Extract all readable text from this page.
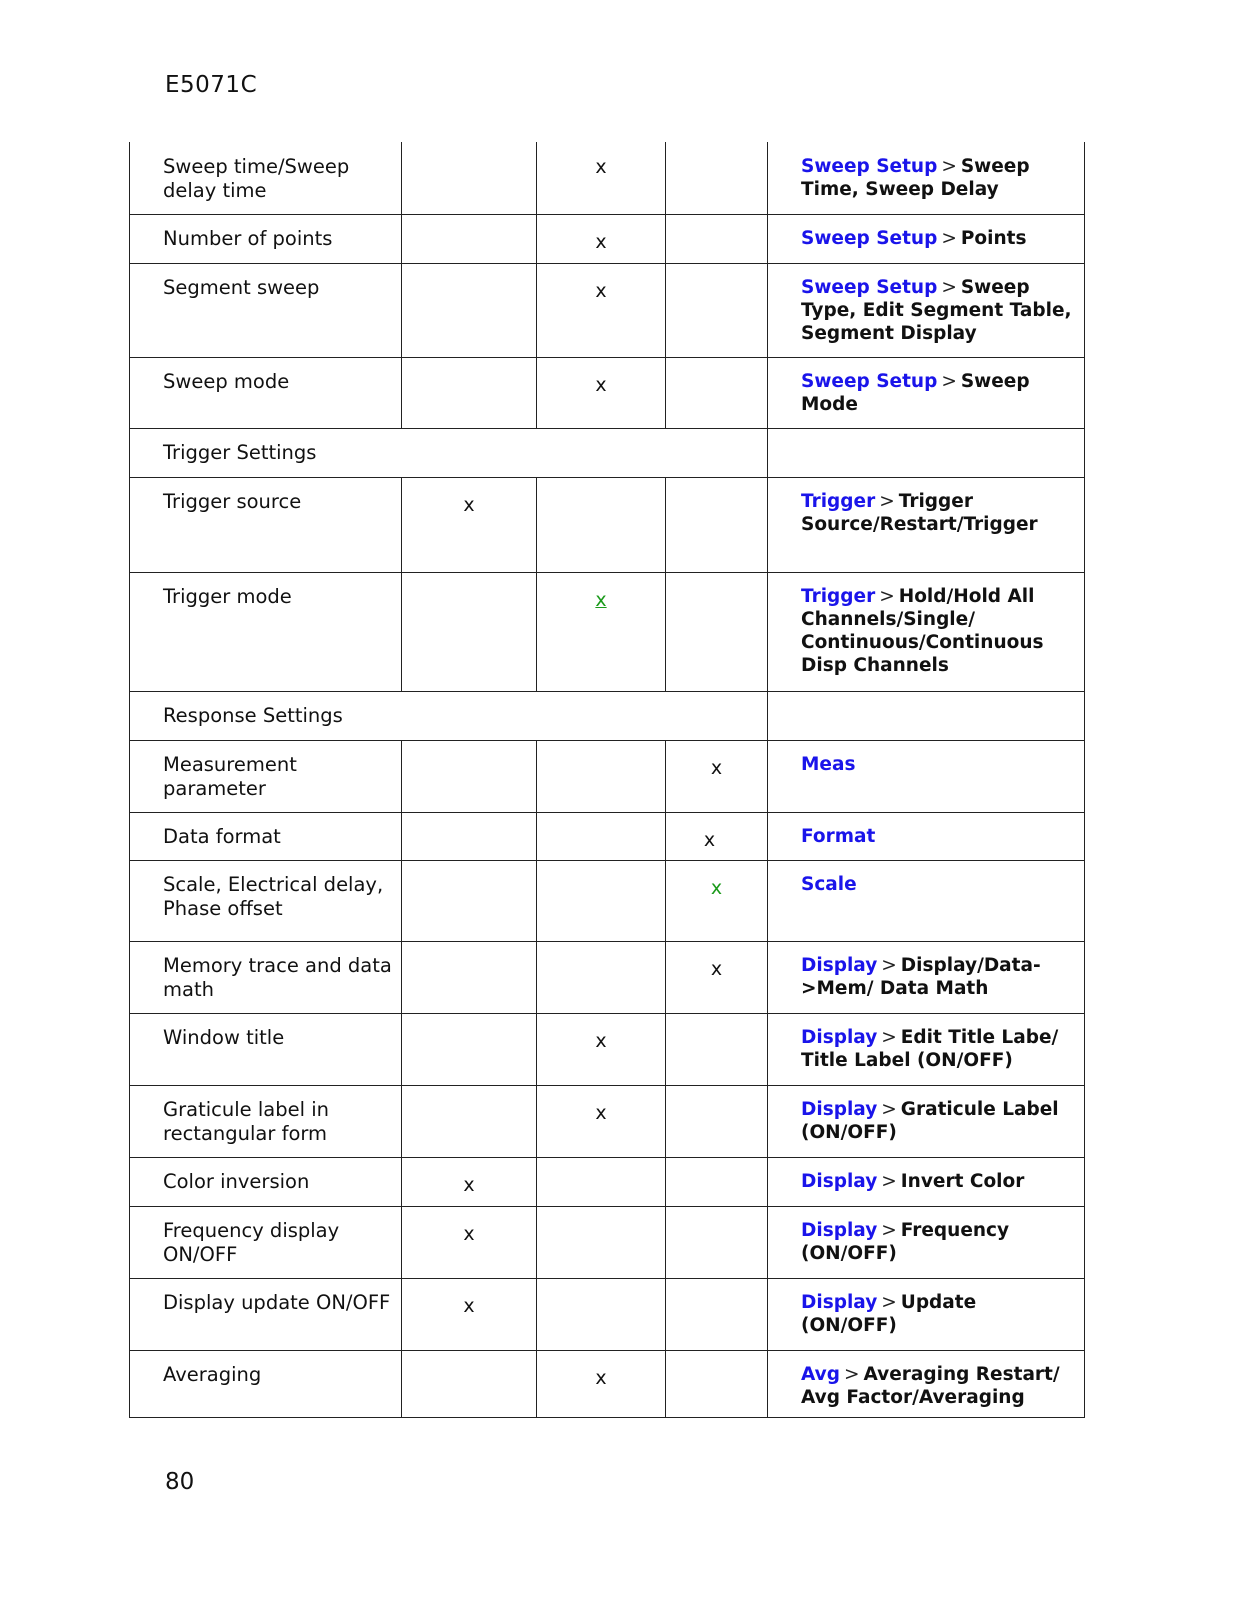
E5071C
Sweep time/Sweep delay time		x		Sweep Setup > Sweep Time, Sweep Delay
Number of points		x		Sweep Setup > Points
Segment sweep		x		Sweep Setup > Sweep Type, Edit Segment Table, Segment Display
Sweep mode		x		Sweep Setup > Sweep Mode
Trigger Settings				
Trigger source	x			Trigger > Trigger Source/Restart/Trigger
Trigger mode		x		Trigger > Hold/Hold All Channels/Single/ Continuous/Continuous Disp Channels
Response Settings				
Measurement parameter			x	Meas
Data format			x	Format
Scale, Electrical delay, Phase offset			x	Scale
Memory trace and data math			x	Display > Display/Data- >Mem/ Data Math
Window title		x		Display > Edit Title Labe/ Title Label (ON/OFF)
Graticule label in rectangular form		x		Display > Graticule Label (ON/OFF)
Color inversion	x			Display > Invert Color
Frequency display ON/OFF	x			Display > Frequency (ON/OFF)
Display update ON/OFF	x			Display > Update (ON/OFF)
Averaging		x		Avg > Averaging Restart/ Avg Factor/Averaging
80
